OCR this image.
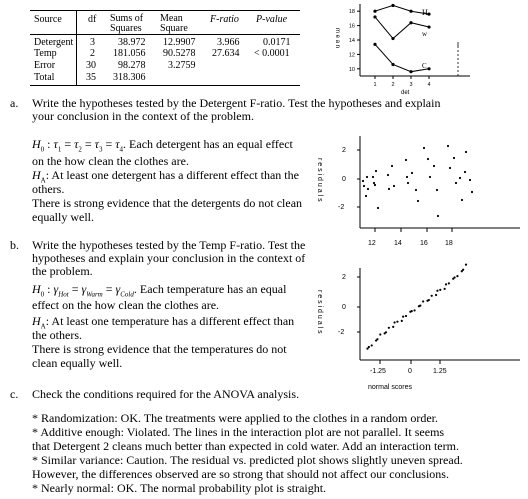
Source	df Sums of
Squares
Mean
Square
F-ratio P-value
Detergent 3 38.972 12.9907 3.966 0.0171
Temp	2 181.056 90.5278 27.634 < 0.0001
Error	30 98.278 3.2759
Total	35 318.306
10
12
14
16
18
1	2	3	4
m e a n
det
H
w
C
a. Write the hypotheses tested by the Detergent F-ratio. Test the hypotheses and explain
your conclusion in the context of the problem.
$H_0$ : $\tau_1 = \tau_2 = \tau_3 = \tau_4$. Each detergent has an equal effect
on the how clean the clothes are.
$H_A$: At least one detergent has a different effect than the
others.
There is strong evidence that the detergents do not clean
equally well.
r e s i d u a l s
2
0
-2
12	14	16 18
b. Write the hypotheses tested by the Temp F-ratio. Test the
hypotheses and explain your conclusion in the context of
the problem.
$H_0$ : $\gamma_{Hot} = \gamma_{Warm} = \gamma_{Cold}$. Each temperature has an equal
effect on the how clean the clothes are.
$H_A$: At least one temperature has a different effect than
the others.
There is strong evidence that the temperatures do not
clean equally well.
r e s i d u a l s
2
0
-2
-1.25	0	1.25
normal scores
c. Check the conditions required for the ANOVA analysis.
* Randomization: OK. The treatments were applied to the clothes in a random order.
* Additive enough: Violated. The lines in the interaction plot are not parallel. It seems
that Detergent 2 cleans much better than expected in cold water. Add an interaction term.
* Similar variance: Caution. The residual vs. predicted plot shows slightly uneven spread.
However, the differences observed are so strong that should not affect our conclusions.
* Nearly normal: OK. The normal probability plot is straight.
